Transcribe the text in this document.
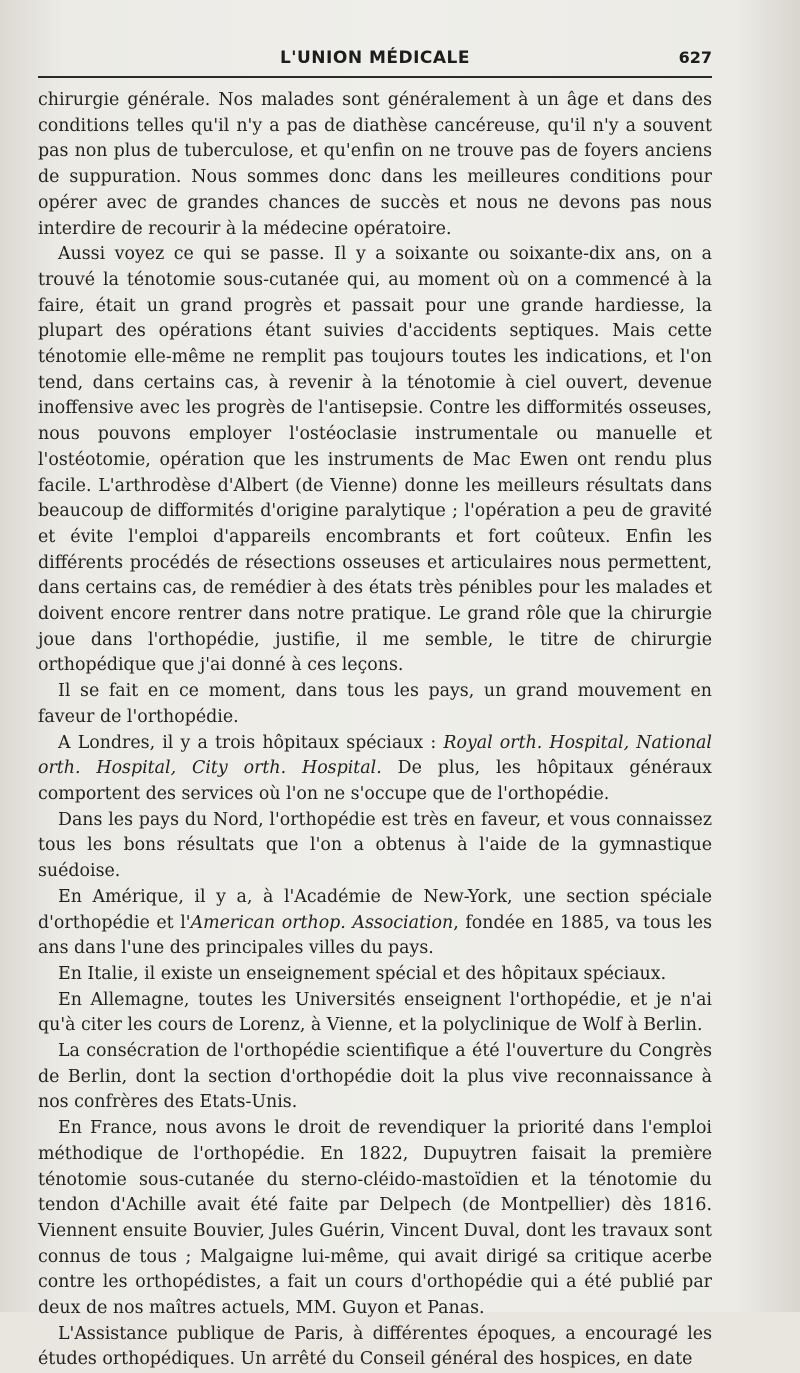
L'UNION MÉDICALE	627

chirurgie générale. Nos malades sont généralement à un âge et dans des conditions telles qu'il n'y a pas de diathèse cancéreuse, qu'il n'y a souvent pas non plus de tuberculose, et qu'enfin on ne trouve pas de foyers anciens de suppuration. Nous sommes donc dans les meilleures conditions pour opérer avec de grandes chances de succès et nous ne devons pas nous interdire de recourir à la médecine opératoire.

Aussi voyez ce qui se passe. Il y a soixante ou soixante-dix ans, on a trouvé la ténotomie sous-cutanée qui, au moment où on a commencé à la faire, était un grand progrès et passait pour une grande hardiesse, la plupart des opérations étant suivies d'accidents septiques. Mais cette ténotomie elle-même ne remplit pas toujours toutes les indications, et l'on tend, dans certains cas, à revenir à la ténotomie à ciel ouvert, devenue inoffensive avec les progrès de l'antisepsie. Contre les difformités osseuses, nous pouvons employer l'ostéoclasie instrumentale ou manuelle et l'ostéotomie, opération que les instruments de Mac Ewen ont rendu plus facile. L'arthrodèse d'Albert (de Vienne) donne les meilleurs résultats dans beaucoup de difformités d'origine paralytique ; l'opération a peu de gravité et évite l'emploi d'appareils encombrants et fort coûteux. Enfin les différents procédés de résections osseuses et articulaires nous permettent, dans certains cas, de remédier à des états très pénibles pour les malades et doivent encore rentrer dans notre pratique. Le grand rôle que la chirurgie joue dans l'orthopédie, justifie, il me semble, le titre de chirurgie orthopédique que j'ai donné à ces leçons.

Il se fait en ce moment, dans tous les pays, un grand mouvement en faveur de l'orthopédie.

A Londres, il y a trois hôpitaux spéciaux : Royal orth. Hospital, National orth. Hospital, City orth. Hospital. De plus, les hôpitaux généraux comportent des services où l'on ne s'occupe que de l'orthopédie.

Dans les pays du Nord, l'orthopédie est très en faveur, et vous connaissez tous les bons résultats que l'on a obtenus à l'aide de la gymnastique suédoise.

En Amérique, il y a, à l'Académie de New-York, une section spéciale d'orthopédie et l'American orthop. Association, fondée en 1885, va tous les ans dans l'une des principales villes du pays.

En Italie, il existe un enseignement spécial et des hôpitaux spéciaux.

En Allemagne, toutes les Universités enseignent l'orthopédie, et je n'ai qu'à citer les cours de Lorenz, à Vienne, et la polyclinique de Wolf à Berlin.

La consécration de l'orthopédie scientifique a été l'ouverture du Congrès de Berlin, dont la section d'orthopédie doit la plus vive reconnaissance à nos confrères des Etats-Unis.

En France, nous avons le droit de revendiquer la priorité dans l'emploi méthodique de l'orthopédie. En 1822, Dupuytren faisait la première ténotomie sous-cutanée du sterno-cléido-mastoïdien et la ténotomie du tendon d'Achille avait été faite par Delpech (de Montpellier) dès 1816. Viennent ensuite Bouvier, Jules Guérin, Vincent Duval, dont les travaux sont connus de tous ; Malgaigne lui-même, qui avait dirigé sa critique acerbe contre les orthopédistes, a fait un cours d'orthopédie qui a été publié par deux de nos maîtres actuels, MM. Guyon et Panas.

L'Assistance publique de Paris, à différentes époques, a encouragé les études orthopédiques. Un arrêté du Conseil général des hospices, en date
